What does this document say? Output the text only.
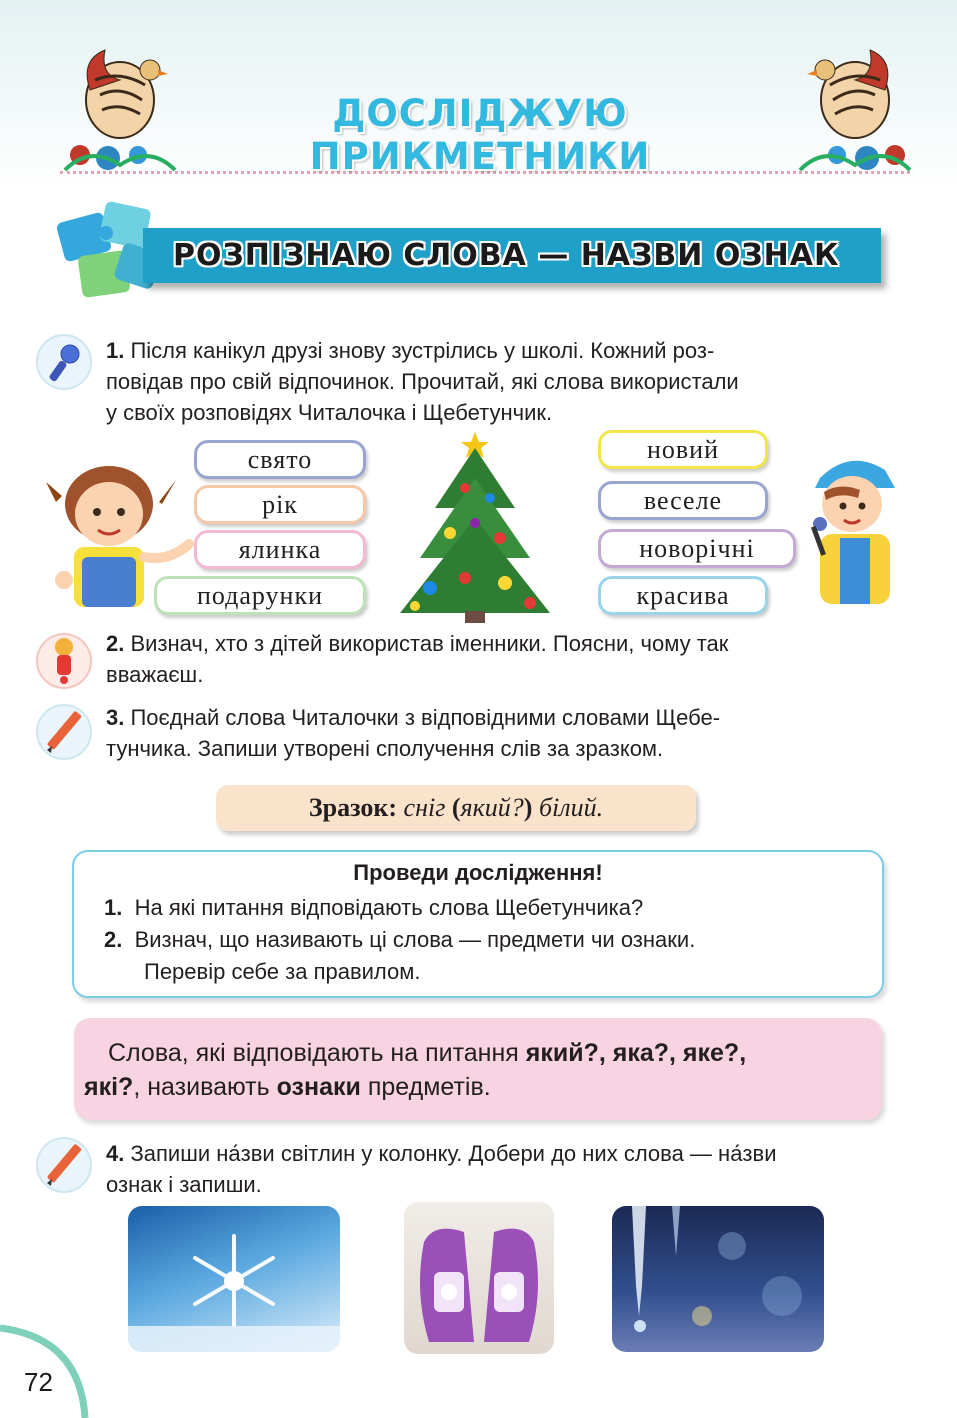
ДОСЛІДЖУЮ ПРИКМЕТНИКИ
РОЗПІЗНАЮ СЛОВА — НАЗВИ ОЗНАК
1. Після канікул друзі знову зустрілись у школі. Кожний роз-
повідав про свій відпочинок. Прочитай, які слова використали
у своїх розповідях Читалочка і Щебетунчик.
свято
рік
ялинка
подарунки
новий
веселе
новорічні
красива
2. Визнач, хто з дітей використав іменники. Поясни, чому так
вважаєш.
3. Поєднай слова Читалочки з відповідними словами Щебе-
тунчика. Запиши утворені сполучення слів за зразком.
Зразок: сніг (який?) білий.
Проведи дослідження!
1. На які питання відповідають слова Щебетунчика?
2. Визнач, що називають ці слова — предмети чи ознаки.
Перевір себе за правилом.
Слова, які відповідають на питання який?, яка?, яке?,
які?, називають ознаки предметів.
4. Запиши на́зви світлин у колонку. Добери до них слова — на́зви
ознак і запиши.
72
